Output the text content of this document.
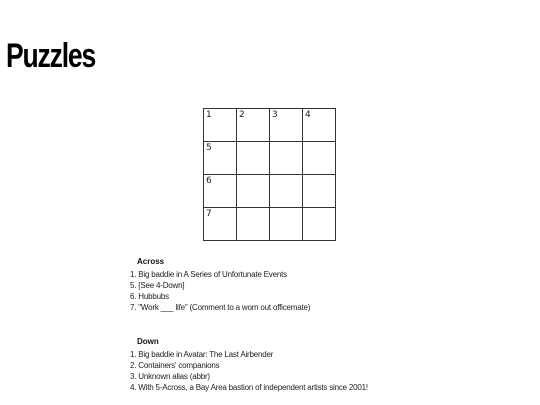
Puzzles
1	2	3	4
5
6
7
Across
1. Big baddie in A Series of Unfortunate Events
5. [See 4-Down]
6. Hubbubs
7. "Work ___ life" (Comment to a worn out officemate)
Down
1. Big baddie in Avatar: The Last Airbender
2. Containers' companions
3. Unknown alias (abbr)
4. With 5-Across, a Bay Area bastion of independent artists since 2001!
